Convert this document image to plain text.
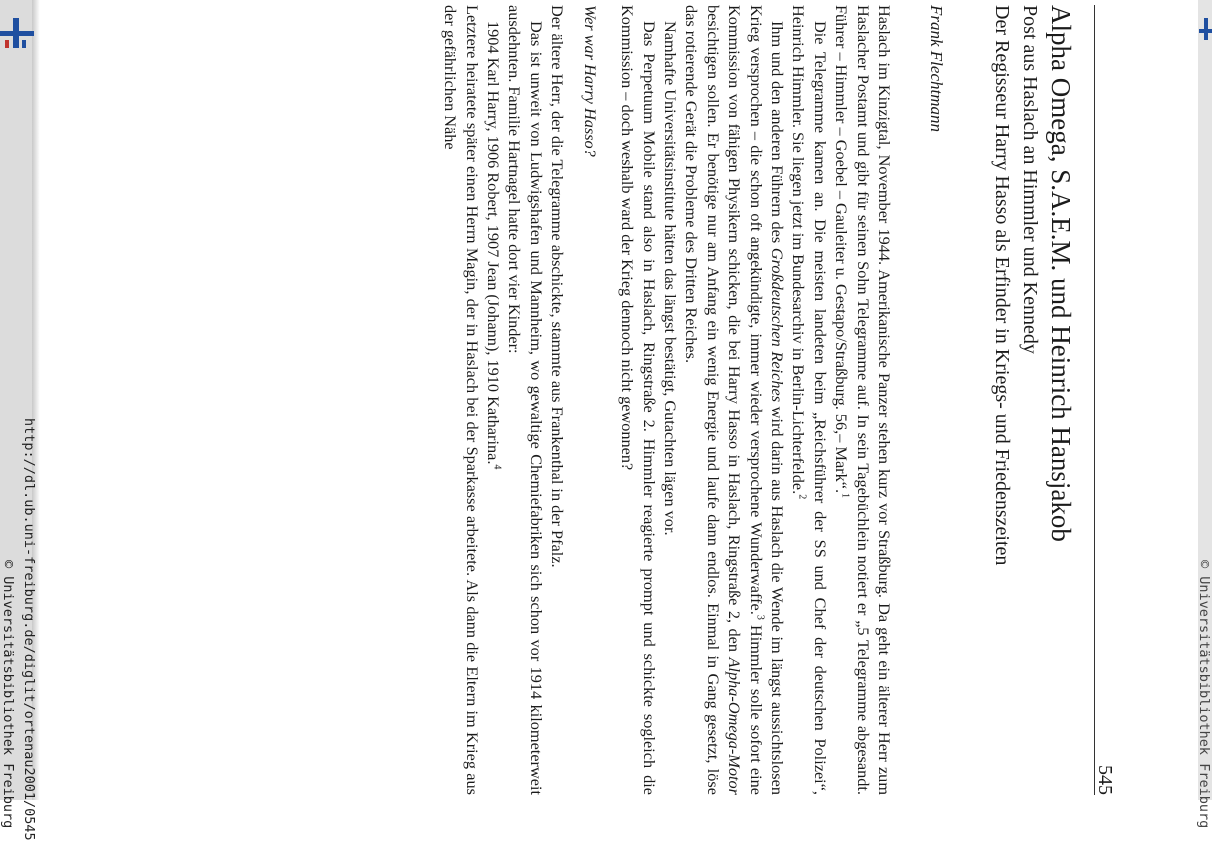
http://dl.ub.uni-freiburg.de/diglit/ortenau2001/0545
© Universitätsbibliothek Freiburg	© Universitätsbibliothek Freiburg
545
Alpha Omega, S.A.E.M. und Heinrich Hansjakob
Post aus Haslach an Himmler und Kennedy
Der Regisseur Harry Hasso als Erfinder in Kriegs- und Friedenszeiten
Frank Flechtmann

Haslach im Kinzigtal, November 1944. Amerikanische Panzer stehen kurz vor Straßburg. Da geht ein älterer Herr zum Haslacher Postamt und gibt für seinen Sohn Telegramme auf. In sein Tagebüchlein notiert er „5 Telegramme abgesandt. Führer – Himmler – Goebel – Gauleiter u. Gestapo/Straßburg. 56,– Mark“.$^1$

Die Telegramme kamen an. Die meisten landeten beim „Reichsführer der SS und Chef der deutschen Polizei“, Heinrich Himmler. Sie liegen jetzt im Bundesarchiv in Berlin-Lichterfelde.$^2$

Ihm und den anderen Führern des Großdeutschen Reiches wird darin aus Haslach die Wende im längst aussichtslosen Krieg versprochen – die schon oft angekündigte, immer wieder versprochene Wunderwaffe.$^3$ Himmler solle sofort eine Kommission von fähigen Physikern schicken, die bei Harry Hasso in Haslach, Ringstraße 2, den Alpha-Omega-Motor besichtigen sollen. Er benötige nur am Anfang ein wenig Energie und laufe dann endlos. Einmal in Gang gesetzt, löse das rotierende Gerät die Probleme des Dritten Reiches.

Namhafte Universitätsinstitute hätten das längst bestätigt, Gutachten lägen vor.

Das Perpetuum Mobile stand also in Haslach, Ringstraße 2. Himmler reagierte prompt und schickte sogleich die Kommission – doch weshalb ward der Krieg dennoch nicht gewonnen?

Wer war Harry Hasso?

Der ältere Herr, der die Telegramme abschickte, stammte aus Frankenthal in der Pfalz.

Das ist unweit von Ludwigshafen und Mannheim, wo gewaltige Chemiefabriken sich schon vor 1914 kilometerweit ausdehnten. Familie Hartnagel hatte dort vier Kinder:

1904 Karl Harry, 1906 Robert, 1907 Jean (Johann), 1910 Katharina.$^4$

Letztere heiratete später einen Herrn Magin, der in Haslach bei der Sparkasse arbeitete. Als dann die Eltern im Krieg aus der gefährlichen Nähe
